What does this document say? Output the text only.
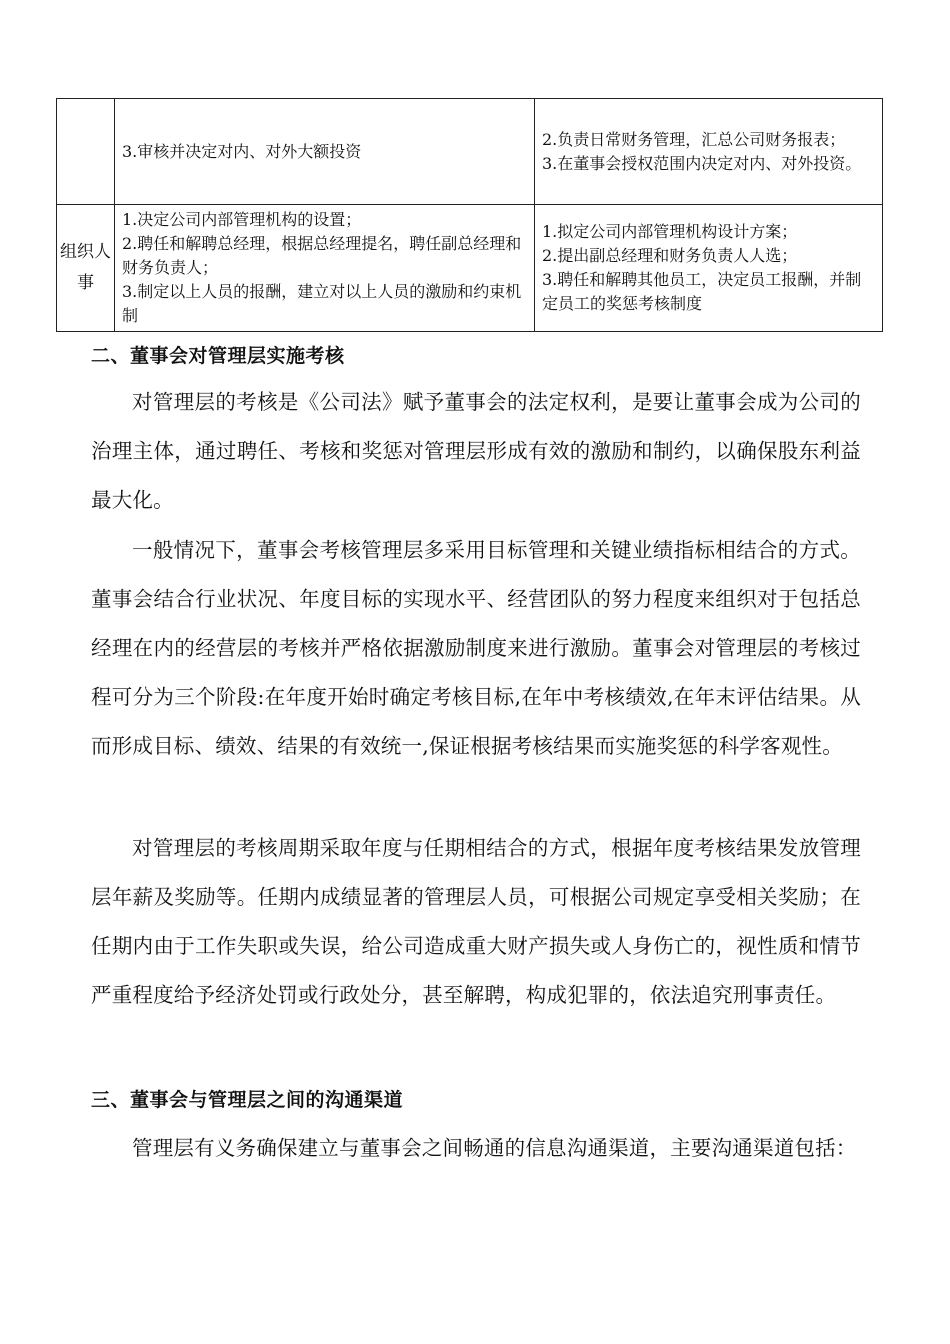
	3.审核并决定对内、对外大额投资	2.负责日常财务管理，汇总公司财务报表；
3.在董事会授权范围内决定对内、对外投资。

组织人事	1.决定公司内部管理机构的设置；
2.聘任和解聘总经理，根据总经理提名，聘任副总经理和财务负责人；
3.制定以上人员的报酬，建立对以上人员的激励和约束机制	1.拟定公司内部管理机构设计方案；
2.提出副总经理和财务负责人人选；
3.聘任和解聘其他员工，决定员工报酬，并制定员工的奖惩考核制度
二、董事会对管理层实施考核

对管理层的考核是《公司法》赋予董事会的法定权利，是要让董事会成为公司的治理主体，通过聘任、考核和奖惩对管理层形成有效的激励和制约，以确保股东利益最大化。

一般情况下，董事会考核管理层多采用目标管理和关键业绩指标相结合的方式。董事会结合行业状况、年度目标的实现水平、经营团队的努力程度来组织对于包括总经理在内的经营层的考核并严格依据激励制度来进行激励。董事会对管理层的考核过程可分为三个阶段:在年度开始时确定考核目标,在年中考核绩效,在年末评估结果。从而形成目标、绩效、结果的有效统一,保证根据考核结果而实施奖惩的科学客观性。

对管理层的考核周期采取年度与任期相结合的方式，根据年度考核结果发放管理层年薪及奖励等。任期内成绩显著的管理层人员，可根据公司规定享受相关奖励；在任期内由于工作失职或失误，给公司造成重大财产损失或人身伤亡的，视性质和情节严重程度给予经济处罚或行政处分，甚至解聘，构成犯罪的，依法追究刑事责任。

三、董事会与管理层之间的沟通渠道

管理层有义务确保建立与董事会之间畅通的信息沟通渠道，主要沟通渠道包括：
